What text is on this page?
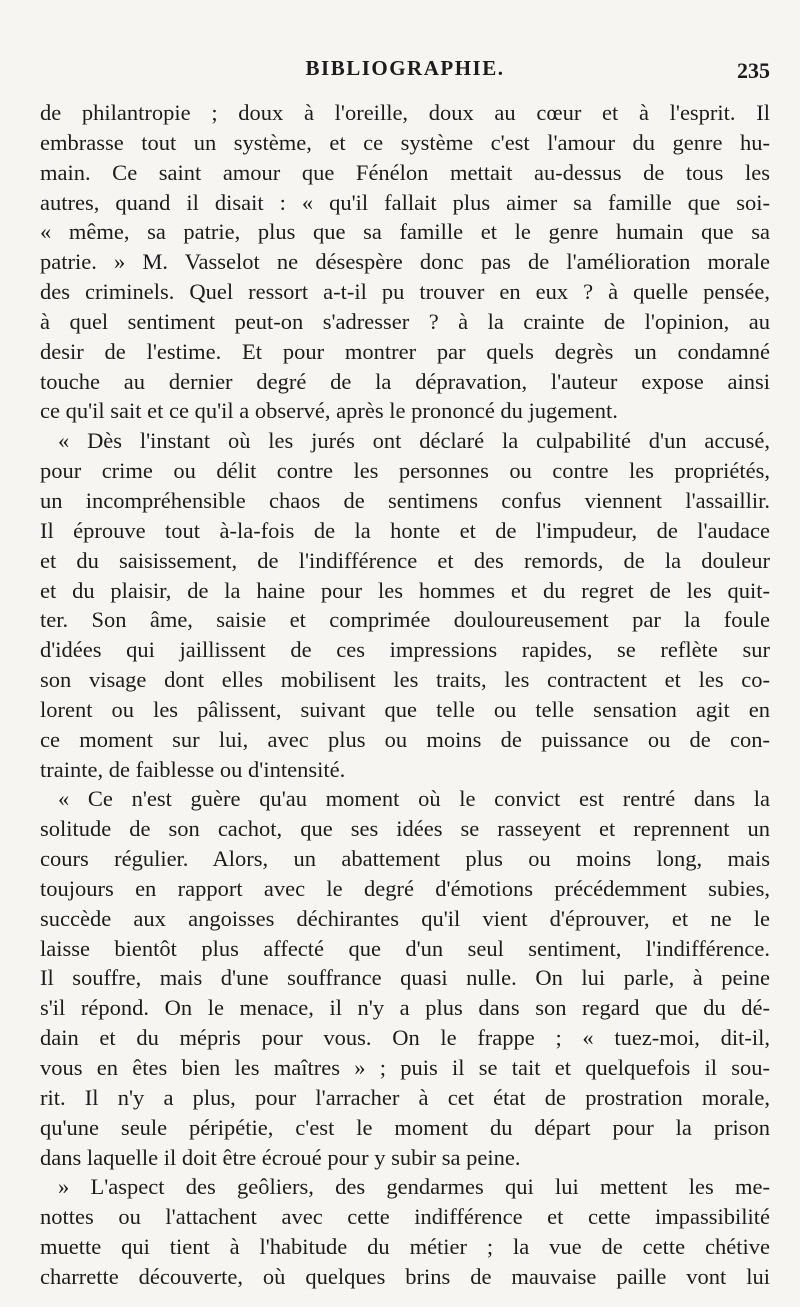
BIBLIOGRAPHIE.	235
de philantropie ; doux à l'oreille, doux au cœur et à l'esprit. Il
embrasse tout un système, et ce système c'est l'amour du genre hu-
main. Ce saint amour que Fénélon mettait au-dessus de tous les
autres, quand il disait : « qu'il fallait plus aimer sa famille que soi-
« même, sa patrie, plus que sa famille et le genre humain que sa
patrie. » M. Vasselot ne désespère donc pas de l'amélioration morale
des criminels. Quel ressort a-t-il pu trouver en eux ? à quelle pensée,
à quel sentiment peut-on s'adresser ? à la crainte de l'opinion, au
desir de l'estime. Et pour montrer par quels degrès un condamné
touche au dernier degré de la dépravation, l'auteur expose ainsi
ce qu'il sait et ce qu'il a observé, après le prononcé du jugement.
« Dès l'instant où les jurés ont déclaré la culpabilité d'un accusé,
pour crime ou délit contre les personnes ou contre les propriétés,
un incompréhensible chaos de sentimens confus viennent l'assaillir.
Il éprouve tout à-la-fois de la honte et de l'impudeur, de l'audace
et du saisissement, de l'indifférence et des remords, de la douleur
et du plaisir, de la haine pour les hommes et du regret de les quit-
ter. Son âme, saisie et comprimée douloureusement par la foule
d'idées qui jaillissent de ces impressions rapides, se reflète sur
son visage dont elles mobilisent les traits, les contractent et les co-
lorent ou les pâlissent, suivant que telle ou telle sensation agit en
ce moment sur lui, avec plus ou moins de puissance ou de con-
trainte, de faiblesse ou d'intensité.
« Ce n'est guère qu'au moment où le convict est rentré dans la
solitude de son cachot, que ses idées se rasseyent et reprennent un
cours régulier. Alors, un abattement plus ou moins long, mais
toujours en rapport avec le degré d'émotions précédemment subies,
succède aux angoisses déchirantes qu'il vient d'éprouver, et ne le
laisse bientôt plus affecté que d'un seul sentiment, l'indifférence.
Il souffre, mais d'une souffrance quasi nulle. On lui parle, à peine
s'il répond. On le menace, il n'y a plus dans son regard que du dé-
dain et du mépris pour vous. On le frappe ; « tuez-moi, dit-il,
vous en êtes bien les maîtres » ; puis il se tait et quelquefois il sou-
rit. Il n'y a plus, pour l'arracher à cet état de prostration morale,
qu'une seule péripétie, c'est le moment du départ pour la prison
dans laquelle il doit être écroué pour y subir sa peine.
» L'aspect des geôliers, des gendarmes qui lui mettent les me-
nottes ou l'attachent avec cette indifférence et cette impassibilité
muette qui tient à l'habitude du métier ; la vue de cette chétive
charrette découverte, où quelques brins de mauvaise paille vont lui
